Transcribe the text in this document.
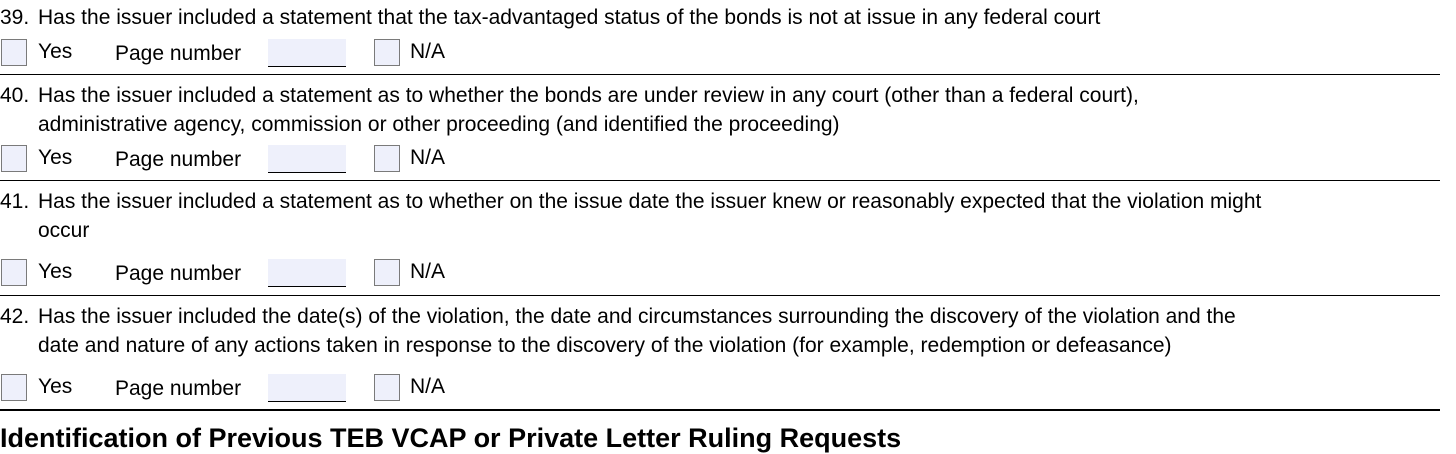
39. Has the issuer included a statement that the tax-advantaged status of the bonds is not at issue in any federal court
Yes Page number	N/A
40. Has the issuer included a statement as to whether the bonds are under review in any court (other than a federal court),
administrative agency, commission or other proceeding (and identified the proceeding)
Yes Page number	N/A
41. Has the issuer included a statement as to whether on the issue date the issuer knew or reasonably expected that the violation might
occur
Yes Page number	N/A
42. Has the issuer included the date(s) of the violation, the date and circumstances surrounding the discovery of the violation and the
date and nature of any actions taken in response to the discovery of the violation (for example, redemption or defeasance)
Yes Page number	N/A
Identification of Previous TEB VCAP or Private Letter Ruling Requests
